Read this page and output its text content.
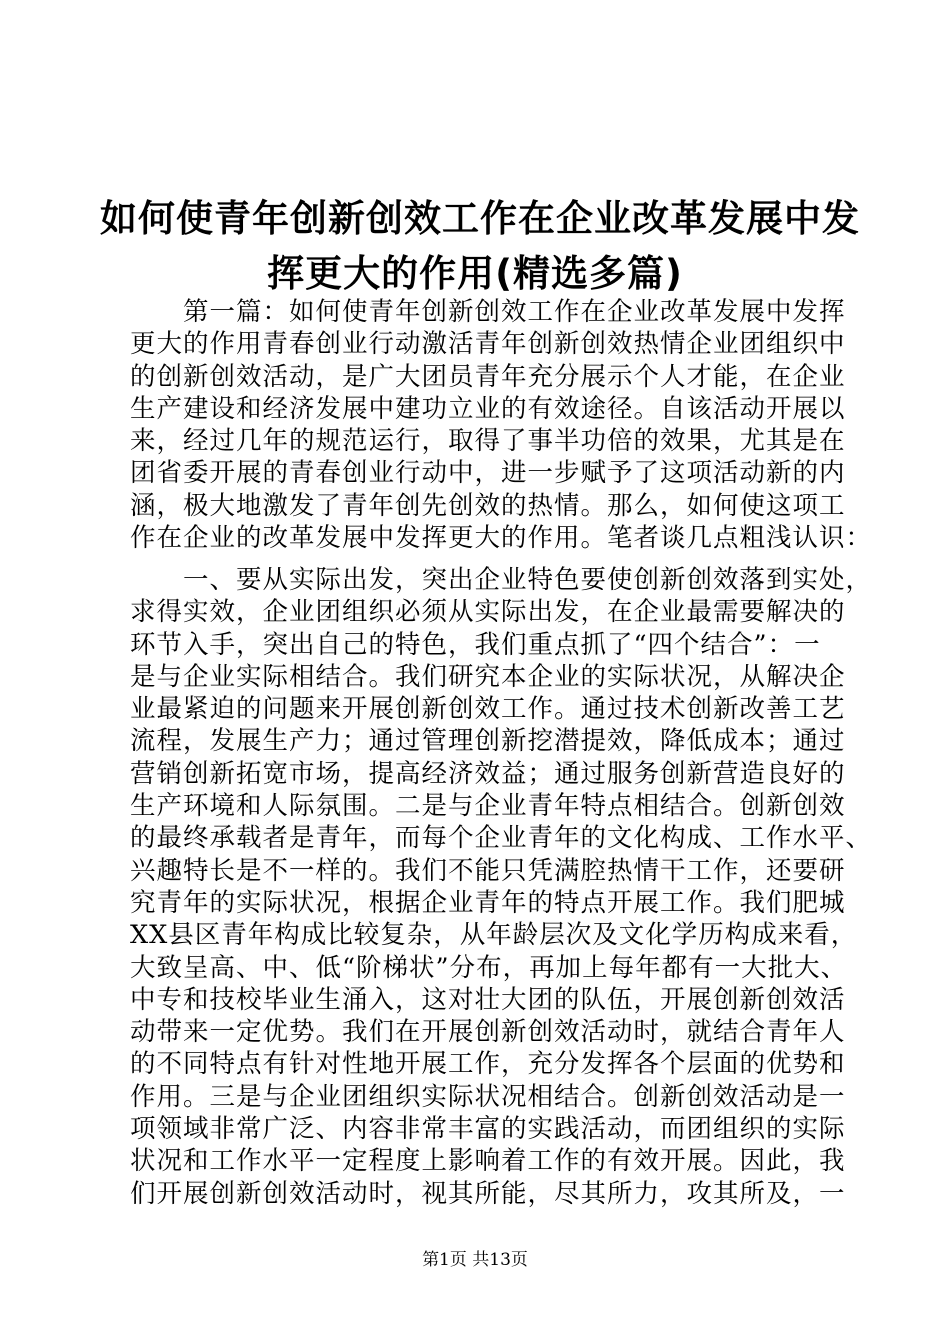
如何使青年创新创效工作在企业改革发展中发
挥更大的作用(精选多篇)
　　第一篇：如何使青年创新创效工作在企业改革发展中发挥
更大的作用青春创业行动激活青年创新创效热情企业团组织中
的创新创效活动，是广大团员青年充分展示个人才能，在企业
生产建设和经济发展中建功立业的有效途径。自该活动开展以
来，经过几年的规范运行，取得了事半功倍的效果，尤其是在
团省委开展的青春创业行动中，进一步赋予了这项活动新的内
涵，极大地激发了青年创先创效的热情。那么，如何使这项工
作在企业的改革发展中发挥更大的作用。笔者谈几点粗浅认识：
　　一、要从实际出发，突出企业特色要使创新创效落到实处，
求得实效，企业团组织必须从实际出发，在企业最需要解决的
环节入手，突出自己的特色，我们重点抓了“四个结合”：一
是与企业实际相结合。我们研究本企业的实际状况，从解决企
业最紧迫的问题来开展创新创效工作。通过技术创新改善工艺
流程，发展生产力；通过管理创新挖潜提效，降低成本；通过
营销创新拓宽市场，提高经济效益；通过服务创新营造良好的
生产环境和人际氛围。二是与企业青年特点相结合。创新创效
的最终承载者是青年，而每个企业青年的文化构成、工作水平、
兴趣特长是不一样的。我们不能只凭满腔热情干工作，还要研
究青年的实际状况，根据企业青年的特点开展工作。我们肥城
XX县区青年构成比较复杂，从年龄层次及文化学历构成来看，
大致呈高、中、低“阶梯状”分布，再加上每年都有一大批大、
中专和技校毕业生涌入，这对壮大团的队伍，开展创新创效活
动带来一定优势。我们在开展创新创效活动时，就结合青年人
的不同特点有针对性地开展工作，充分发挥各个层面的优势和
作用。三是与企业团组织实际状况相结合。创新创效活动是一
项领域非常广泛、内容非常丰富的实践活动，而团组织的实际
状况和工作水平一定程度上影响着工作的有效开展。因此，我
们开展创新创效活动时，视其所能，尽其所力，攻其所及，一
第1页 共13页
